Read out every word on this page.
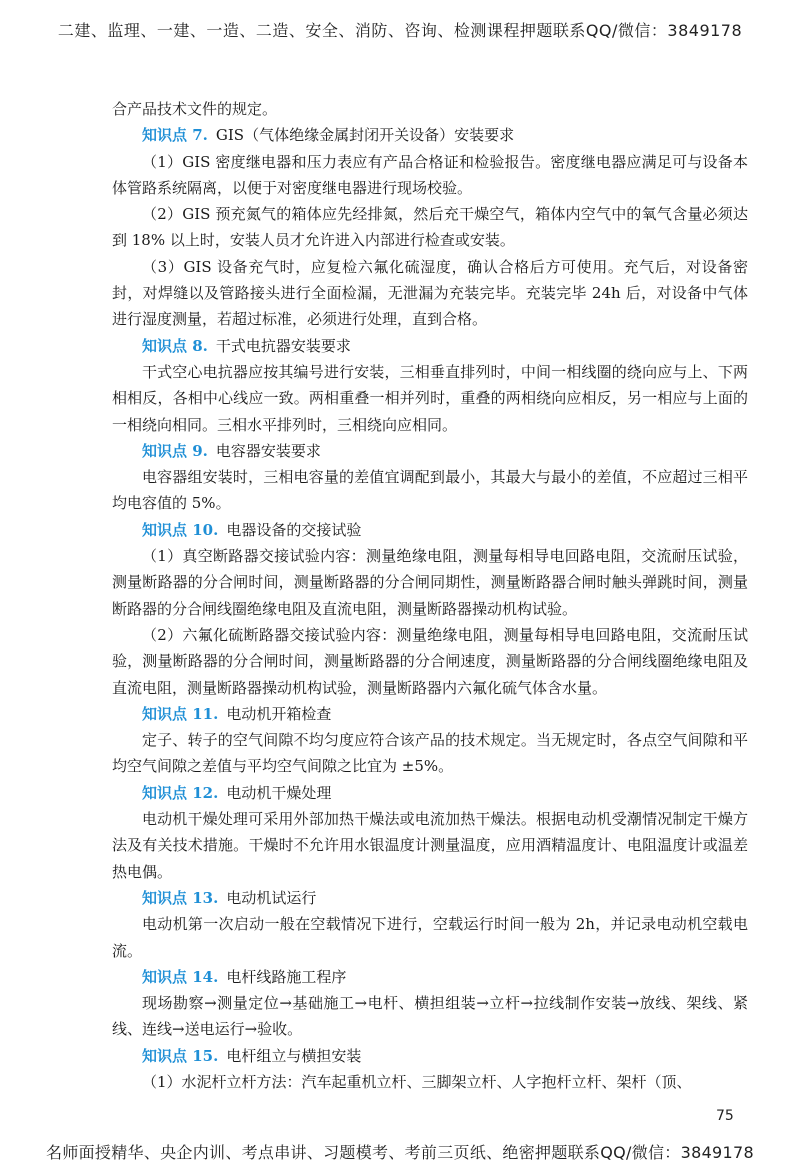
二建、监理、一建、一造、二造、安全、消防、咨询、检测课程押题联系QQ/微信：3849178

合产品技术文件的规定。

知识点 7. GIS（气体绝缘金属封闭开关设备）安装要求

（1）GIS 密度继电器和压力表应有产品合格证和检验报告。密度继电器应满足可与设备本体管路系统隔离，以便于对密度继电器进行现场校验。

（2）GIS 预充氮气的箱体应先经排氮，然后充干燥空气，箱体内空气中的氧气含量必须达到 18% 以上时，安装人员才允许进入内部进行检查或安装。

（3）GIS 设备充气时，应复检六氟化硫湿度，确认合格后方可使用。充气后，对设备密封，对焊缝以及管路接头进行全面检漏，无泄漏为充装完毕。充装完毕 24h 后，对设备中气体进行湿度测量，若超过标准，必须进行处理，直到合格。

知识点 8. 干式电抗器安装要求

干式空心电抗器应按其编号进行安装，三相垂直排列时，中间一相线圈的绕向应与上、下两相相反，各相中心线应一致。两相重叠一相并列时，重叠的两相绕向应相反，另一相应与上面的一相绕向相同。三相水平排列时，三相绕向应相同。

知识点 9. 电容器安装要求

电容器组安装时，三相电容量的差值宜调配到最小，其最大与最小的差值，不应超过三相平均电容值的 5%。

知识点 10. 电器设备的交接试验

（1）真空断路器交接试验内容：测量绝缘电阻，测量每相导电回路电阻，交流耐压试验，测量断路器的分合闸时间，测量断路器的分合闸同期性，测量断路器合闸时触头弹跳时间，测量断路器的分合闸线圈绝缘电阻及直流电阻，测量断路器操动机构试验。

（2）六氟化硫断路器交接试验内容：测量绝缘电阻，测量每相导电回路电阻，交流耐压试验，测量断路器的分合闸时间，测量断路器的分合闸速度，测量断路器的分合闸线圈绝缘电阻及直流电阻，测量断路器操动机构试验，测量断路器内六氟化硫气体含水量。

知识点 11. 电动机开箱检查

定子、转子的空气间隙不均匀度应符合该产品的技术规定。当无规定时，各点空气间隙和平均空气间隙之差值与平均空气间隙之比宜为 ±5%。

知识点 12. 电动机干燥处理

电动机干燥处理可采用外部加热干燥法或电流加热干燥法。根据电动机受潮情况制定干燥方法及有关技术措施。干燥时不允许用水银温度计测量温度，应用酒精温度计、电阻温度计或温差热电偶。

知识点 13. 电动机试运行

电动机第一次启动一般在空载情况下进行，空载运行时间一般为 2h，并记录电动机空载电流。

知识点 14. 电杆线路施工程序

现场勘察→测量定位→基础施工→电杆、横担组装→立杆→拉线制作安装→放线、架线、紧线、连线→送电运行→验收。

知识点 15. 电杆组立与横担安装

（1）水泥杆立杆方法：汽车起重机立杆、三脚架立杆、人字抱杆立杆、架杆（顶、

75
名师面授精华、央企内训、考点串讲、习题模考、考前三页纸、绝密押题联系QQ/微信：3849178
